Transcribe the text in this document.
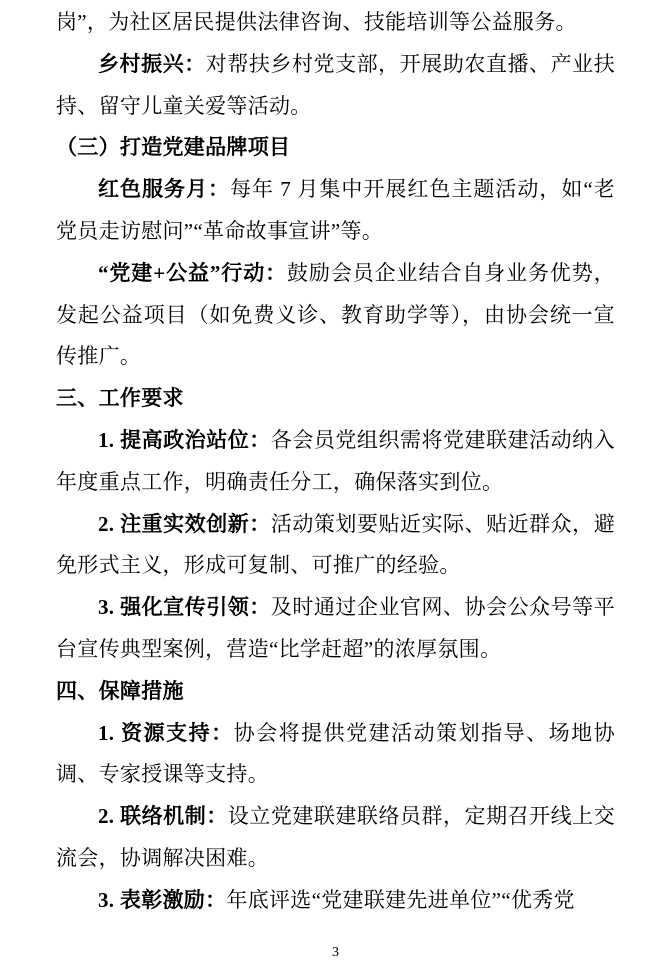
岗”，为社区居民提供法律咨询、技能培训等公益服务。

乡村振兴：对帮扶乡村党支部，开展助农直播、产业扶持、留守儿童关爱等活动。

（三）打造党建品牌项目

红色服务月：每年 7 月集中开展红色主题活动，如“老党员走访慰问”“革命故事宣讲”等。

“党建+公益”行动：鼓励会员企业结合自身业务优势，发起公益项目（如免费义诊、教育助学等），由协会统一宣传推广。

三、工作要求

1. 提高政治站位：各会员党组织需将党建联建活动纳入年度重点工作，明确责任分工，确保落实到位。

2. 注重实效创新：活动策划要贴近实际、贴近群众，避免形式主义，形成可复制、可推广的经验。

3. 强化宣传引领：及时通过企业官网、协会公众号等平台宣传典型案例，营造“比学赶超”的浓厚氛围。

四、保障措施

1. 资源支持：协会将提供党建活动策划指导、场地协调、专家授课等支持。

2. 联络机制：设立党建联建联络员群，定期召开线上交流会，协调解决困难。

3. 表彰激励：年底评选“党建联建先进单位”“优秀党

3
